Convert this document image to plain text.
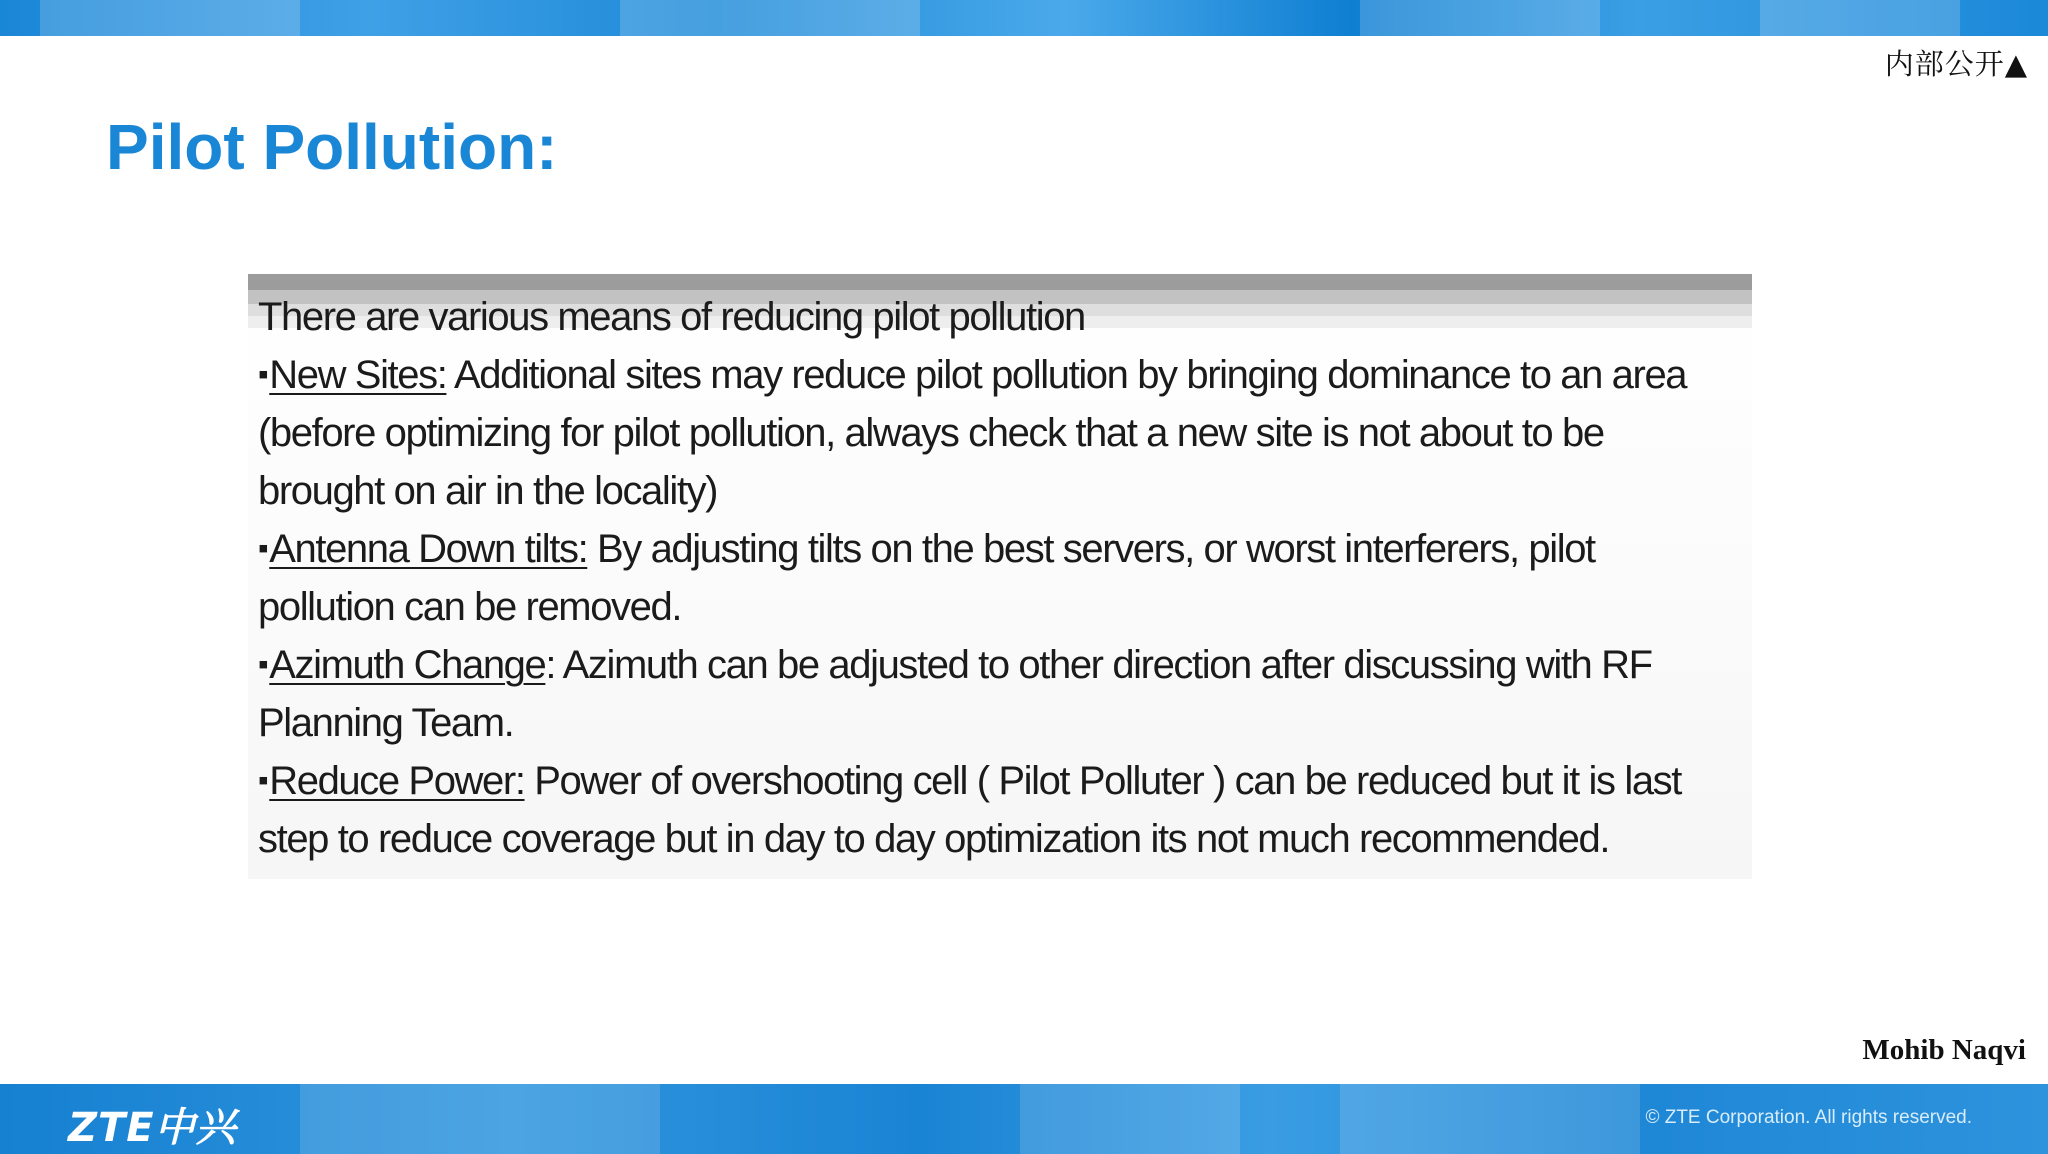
内部公开▲
Pilot Pollution:

There are various means of reducing pilot pollution

▪New Sites: Additional sites may reduce pilot pollution by bringing dominance to an area (before optimizing for pilot pollution, always check that a new site is not about to be brought on air in the locality)

▪Antenna Down tilts: By adjusting tilts on the best servers, or worst interferers, pilot pollution can be removed.

▪Azimuth Change: Azimuth can be adjusted to other direction after discussing with RF Planning Team.

▪Reduce Power: Power of overshooting cell ( Pilot Polluter ) can be reduced but it is last step to reduce coverage but in day to day optimization its not much recommended.

Mohib Naqvi
ZTE中兴	© ZTE Corporation. All rights reserved.
